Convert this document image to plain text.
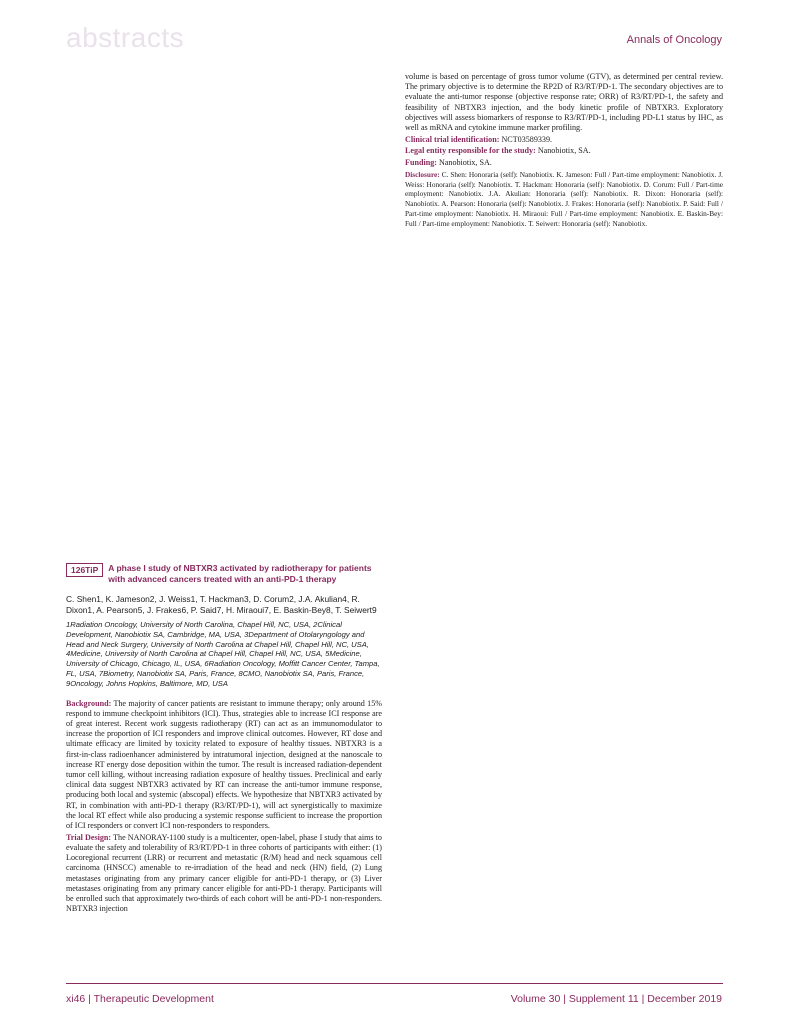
abstracts	Annals of Oncology

volume is based on percentage of gross tumor volume (GTV), as determined per central review. The primary objective is to determine the RP2D of R3/RT/PD-1. The secondary objectives are to evaluate the anti-tumor response (objective response rate; ORR) of R3/RT/PD-1, the safety and feasibility of NBTXR3 injection, and the body kinetic profile of NBTXR3. Exploratory objectives will assess biomarkers of response to R3/RT/PD-1, including PD-L1 status by IHC, as well as mRNA and cytokine immune marker profiling.

Clinical trial identification: NCT03589339.

Legal entity responsible for the study: Nanobiotix, SA.

Funding: Nanobiotix, SA.

Disclosure: C. Shen: Honoraria (self): Nanobiotix. K. Jameson: Full / Part-time employment: Nanobiotix. J. Weiss: Honoraria (self): Nanobiotix. T. Hackman: Honoraria (self): Nanobiotix. D. Corum: Full / Part-time employment: Nanobiotix. J.A. Akulian: Honoraria (self): Nanobiotix. R. Dixon: Honoraria (self): Nanobiotix. A. Pearson: Honoraria (self): Nanobiotix. J. Frakes: Honoraria (self): Nanobiotix. P. Said: Full / Part-time employment: Nanobiotix. H. Miraoui: Full / Part-time employment: Nanobiotix. E. Baskin-Bey: Full / Part-time employment: Nanobiotix. T. Seiwert: Honoraria (self): Nanobiotix.

126TiP	A phase I study of NBTXR3 activated by radiotherapy for patients with advanced cancers treated with an anti-PD-1 therapy
C. Shen1, K. Jameson2, J. Weiss1, T. Hackman3, D. Corum2, J.A. Akulian4, R. Dixon1, A. Pearson5, J. Frakes6, P. Said7, H. Miraoui7, E. Baskin-Bey8, T. Seiwert9
1Radiation Oncology, University of North Carolina, Chapel Hill, NC, USA, 2Clinical Development, Nanobiotix SA, Cambridge, MA, USA, 3Department of Otolaryngology and Head and Neck Surgery, University of North Carolina at Chapel Hill, Chapel Hill, NC, USA, 4Medicine, University of North Carolina at Chapel Hill, Chapel Hill, NC, USA, 5Medicine, University of Chicago, Chicago, IL, USA, 6Radiation Oncology, Moffitt Cancer Center, Tampa, FL, USA, 7Biometry, Nanobiotix SA, Paris, France, 8CMO, Nanobiotix SA, Paris, France, 9Oncology, Johns Hopkins, Baltimore, MD, USA

Background: The majority of cancer patients are resistant to immune therapy; only around 15% respond to immune checkpoint inhibitors (ICI). Thus, strategies able to increase ICI response are of great interest. Recent work suggests radiotherapy (RT) can act as an immunomodulator to increase the proportion of ICI responders and improve clinical outcomes. However, RT dose and ultimate efficacy are limited by toxicity related to exposure of healthy tissues. NBTXR3 is a first-in-class radioenhancer administered by intratumoral injection, designed at the nanoscale to increase RT energy dose deposition within the tumor. The result is increased radiation-dependent tumor cell killing, without increasing radiation exposure of healthy tissues. Preclinical and early clinical data suggest NBTXR3 activated by RT can increase the anti-tumor immune response, producing both local and systemic (abscopal) effects. We hypothesize that NBTXR3 activated by RT, in combination with anti-PD-1 therapy (R3/RT/PD-1), will act synergistically to maximize the local RT effect while also producing a systemic response sufficient to increase the proportion of ICI responders or convert ICI non-responders to responders.

Trial Design: The NANORAY-1100 study is a multicenter, open-label, phase I study that aims to evaluate the safety and tolerability of R3/RT/PD-1 in three cohorts of participants with either: (1) Locoregional recurrent (LRR) or recurrent and metastatic (R/M) head and neck squamous cell carcinoma (HNSCC) amenable to re-irradiation of the head and neck (HN) field, (2) Lung metastases originating from any primary cancer eligible for anti-PD-1 therapy, or (3) Liver metastases originating from any primary cancer eligible for anti-PD-1 therapy. Participants will be enrolled such that approximately two-thirds of each cohort will be anti-PD-1 non-responders. NBTXR3 injection

xi46 | Therapeutic Development	Volume 30 | Supplement 11 | December 2019
